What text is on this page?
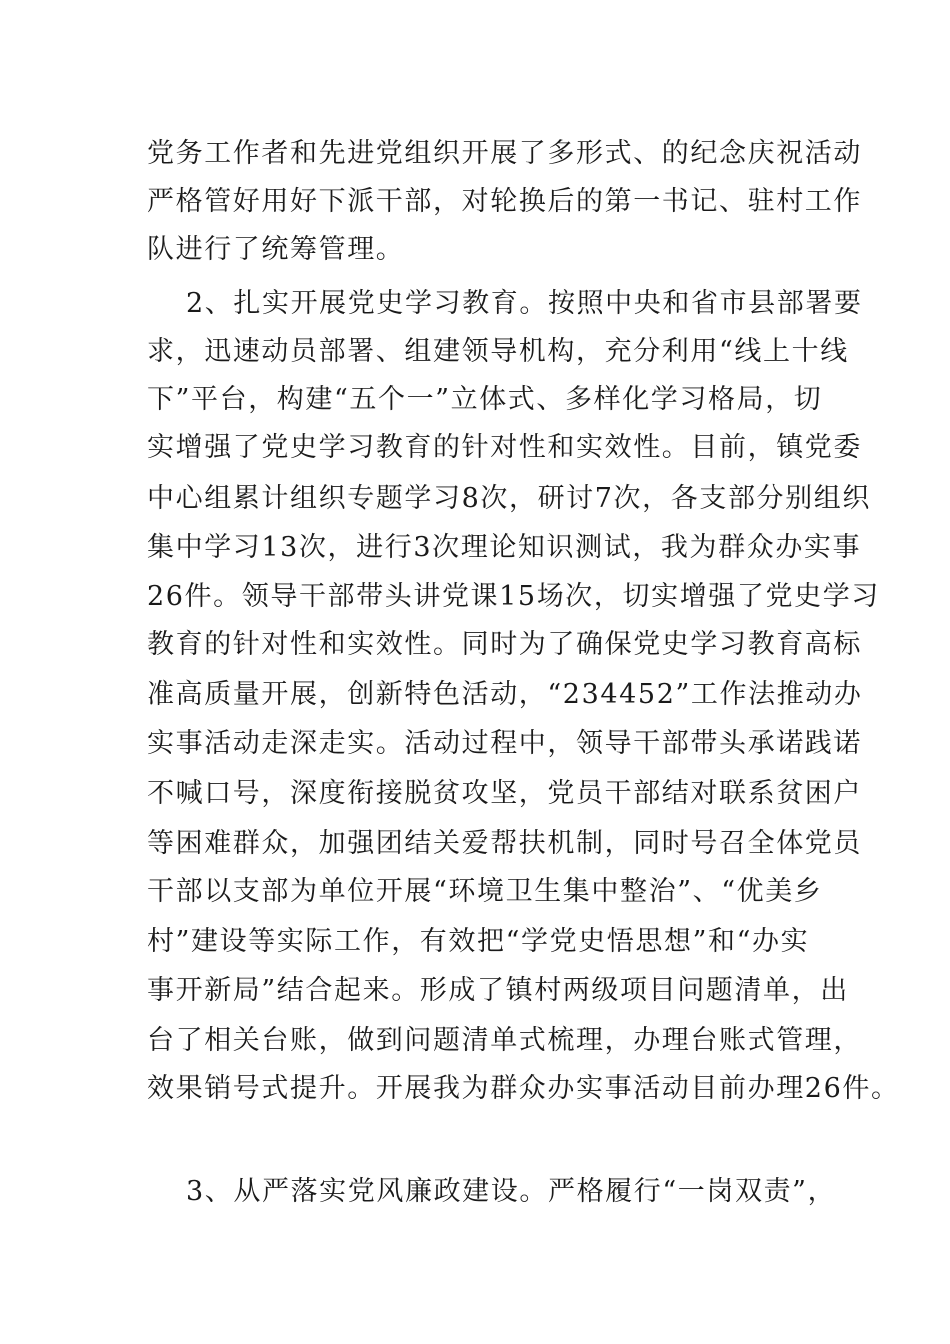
党务工作者和先进党组织开展了多形式、的纪念庆祝活动
严格管好用好下派干部，对轮换后的第一书记、驻村工作
队进行了统筹管理。
2、扎实开展党史学习教育。按照中央和省市县部署要
求，迅速动员部署、组建领导机构，充分利用“线上十线
下”平台，构建“五个一”立体式、多样化学习格局，切
实增强了党史学习教育的针对性和实效性。目前，镇党委
中心组累计组织专题学习8次，研讨7次，各支部分别组织
集中学习13次，进行3次理论知识测试，我为群众办实事
26件。领导干部带头讲党课15场次，切实增强了党史学习
教育的针对性和实效性。同时为了确保党史学习教育高标
准高质量开展，创新特色活动，“234452”工作法推动办
实事活动走深走实。活动过程中，领导干部带头承诺践诺
不喊口号，深度衔接脱贫攻坚，党员干部结对联系贫困户
等困难群众，加强团结关爱帮扶机制，同时号召全体党员
干部以支部为单位开展“环境卫生集中整治”、“优美乡
村”建设等实际工作，有效把“学党史悟思想”和“办实
事开新局”结合起来。形成了镇村两级项目问题清单，出
台了相关台账，做到问题清单式梳理，办理台账式管理，
效果销号式提升。开展我为群众办实事活动目前办理26件。
3、从严落实党风廉政建设。严格履行“一岗双责”，
